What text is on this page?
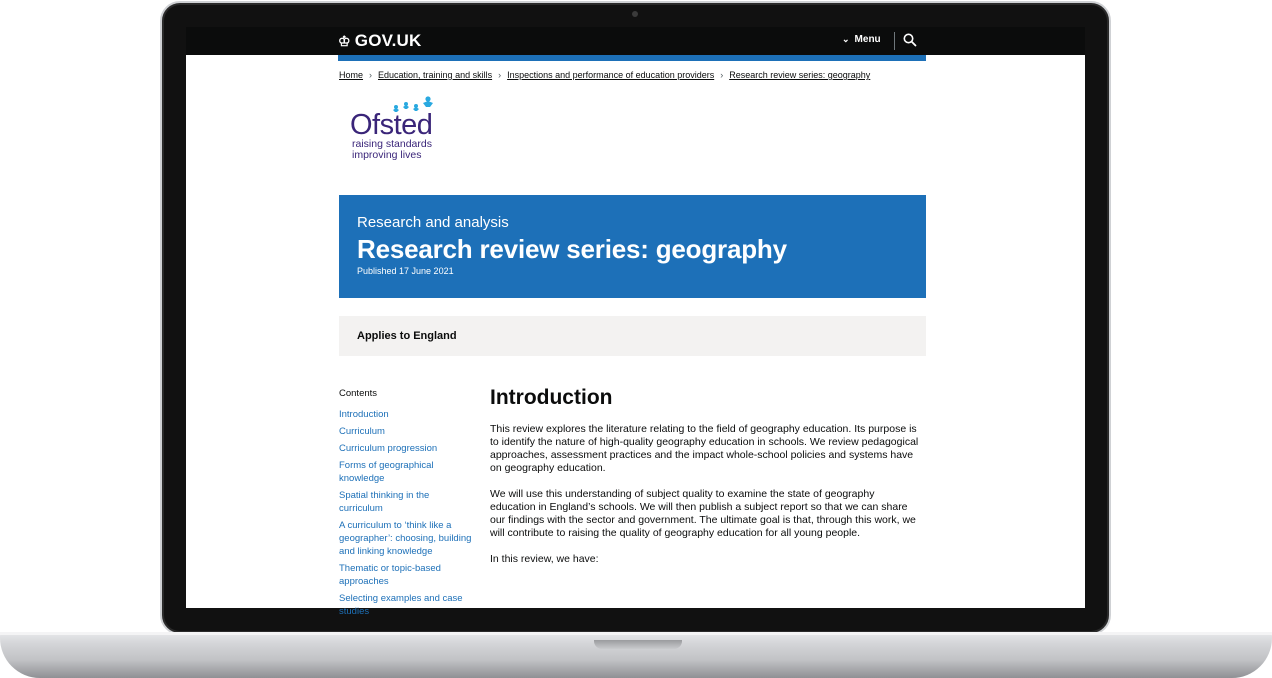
♔ GOV.UK	⌄ Menu
Home › Education, training and skills › Inspections and performance of education providers › Research review series: geography
Ofsted
raising standards
improving lives
Research and analysis
Research review series: geography
Published 17 June 2021
Applies to England
Contents
Introduction
Curriculum
Curriculum progression
Forms of geographical knowledge
Spatial thinking in the curriculum
A curriculum to ‘think like a geographer’: choosing, building and linking knowledge
Thematic or topic-based approaches
Selecting examples and case studies
Introduction

This review explores the literature relating to the field of geography education. Its purpose is to identify the nature of high-quality geography education in schools. We review pedagogical approaches, assessment practices and the impact whole-school policies and systems have on geography education.

We will use this understanding of subject quality to examine the state of geography education in England’s schools. We will then publish a subject report so that we can share our findings with the sector and government. The ultimate goal is that, through this work, we will contribute to raising the quality of geography education for all young people.

In this review, we have:
